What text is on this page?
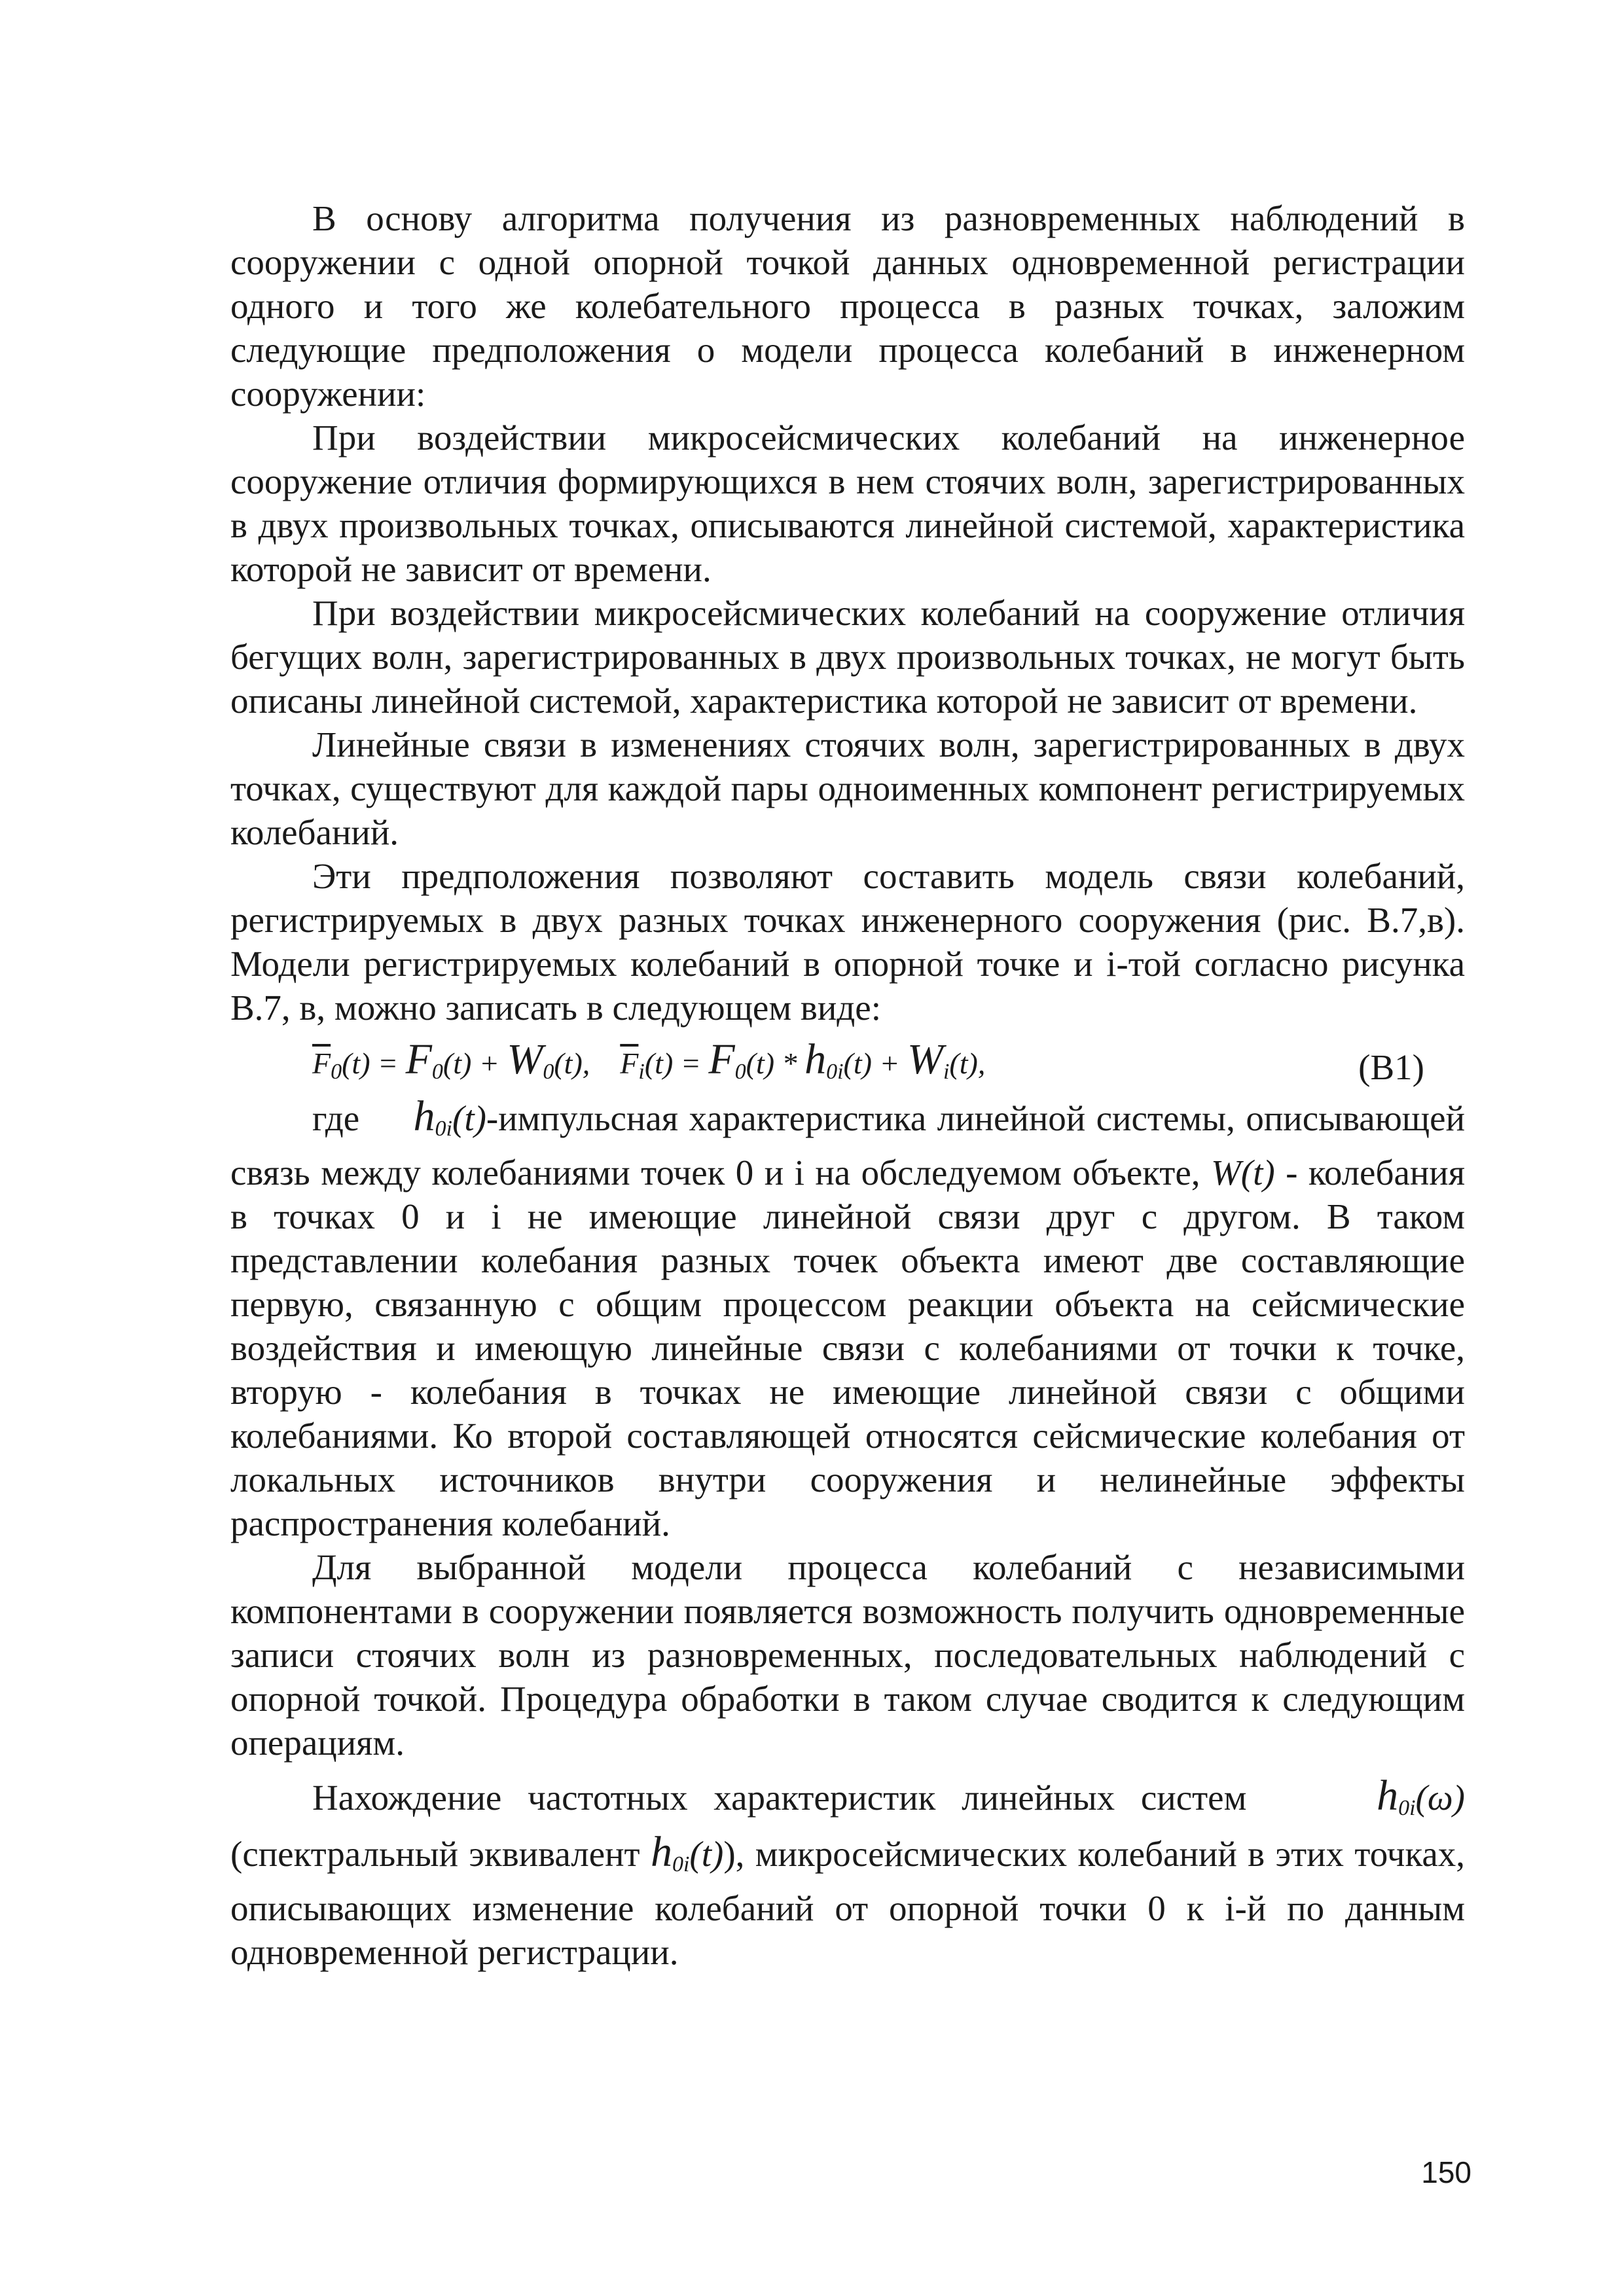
В основу алгоритма получения из разновременных наблюдений в сооружении с одной опорной точкой данных одновременной регистрации одного и того же колебательного процесса в разных точках, заложим следующие предположения о модели процесса колебаний в инженерном сооружении:

При воздействии микросейсмических колебаний на инженерное сооружение отличия формирующихся в нем стоячих волн, зарегистрированных в двух произвольных точках, описываются линейной системой, характеристика которой не зависит от времени.

При воздействии микросейсмических колебаний на сооружение отличия бегущих волн, зарегистрированных в двух произвольных точках, не могут быть описаны линейной системой, характеристика которой не зависит от времени.

Линейные связи в изменениях стоячих волн, зарегистрированных в двух точках, существуют для каждой пары одноименных компонент регистрируемых колебаний.

Эти предположения позволяют составить модель связи колебаний, регистрируемых в двух разных точках инженерного сооружения (рис. В.7,в). Модели регистрируемых колебаний в опорной точке и i-той согласно рисунка В.7, в, можно записать в следующем виде:

$\overline{F}_0(t) = F_0(t) + W_0(t)$, $\overline{F}_i(t) = F_0(t) * h_{0i}(t) + W_i(t)$,	(B1)

где $h_{0i}(t)$-импульсная характеристика линейной системы, описывающей связь между колебаниями точек 0 и i на обследуемом объекте, W(t) - колебания в точках 0 и i не имеющие линейной связи друг с другом. В таком представлении колебания разных точек объекта имеют две составляющие первую, связанную с общим процессом реакции объекта на сейсмические воздействия и имеющую линейные связи с колебаниями от точки к точке, вторую - колебания в точках не имеющие линейной связи с общими колебаниями. Ко второй составляющей относятся сейсмические колебания от локальных источников внутри сооружения и нелинейные эффекты распространения колебаний.

Для выбранной модели процесса колебаний с независимыми компонентами в сооружении появляется возможность получить одновременные записи стоячих волн из разновременных, последовательных наблюдений с опорной точкой. Процедура обработки в таком случае сводится к следующим операциям.

Нахождение частотных характеристик линейных систем	$h_{0i}(\omega)$ (спектральный эквивалент $h_{0i}(t)$), микросейсмических колебаний в этих точках, описывающих изменение колебаний от опорной точки 0 к i-й по данным одновременной регистрации.

150
